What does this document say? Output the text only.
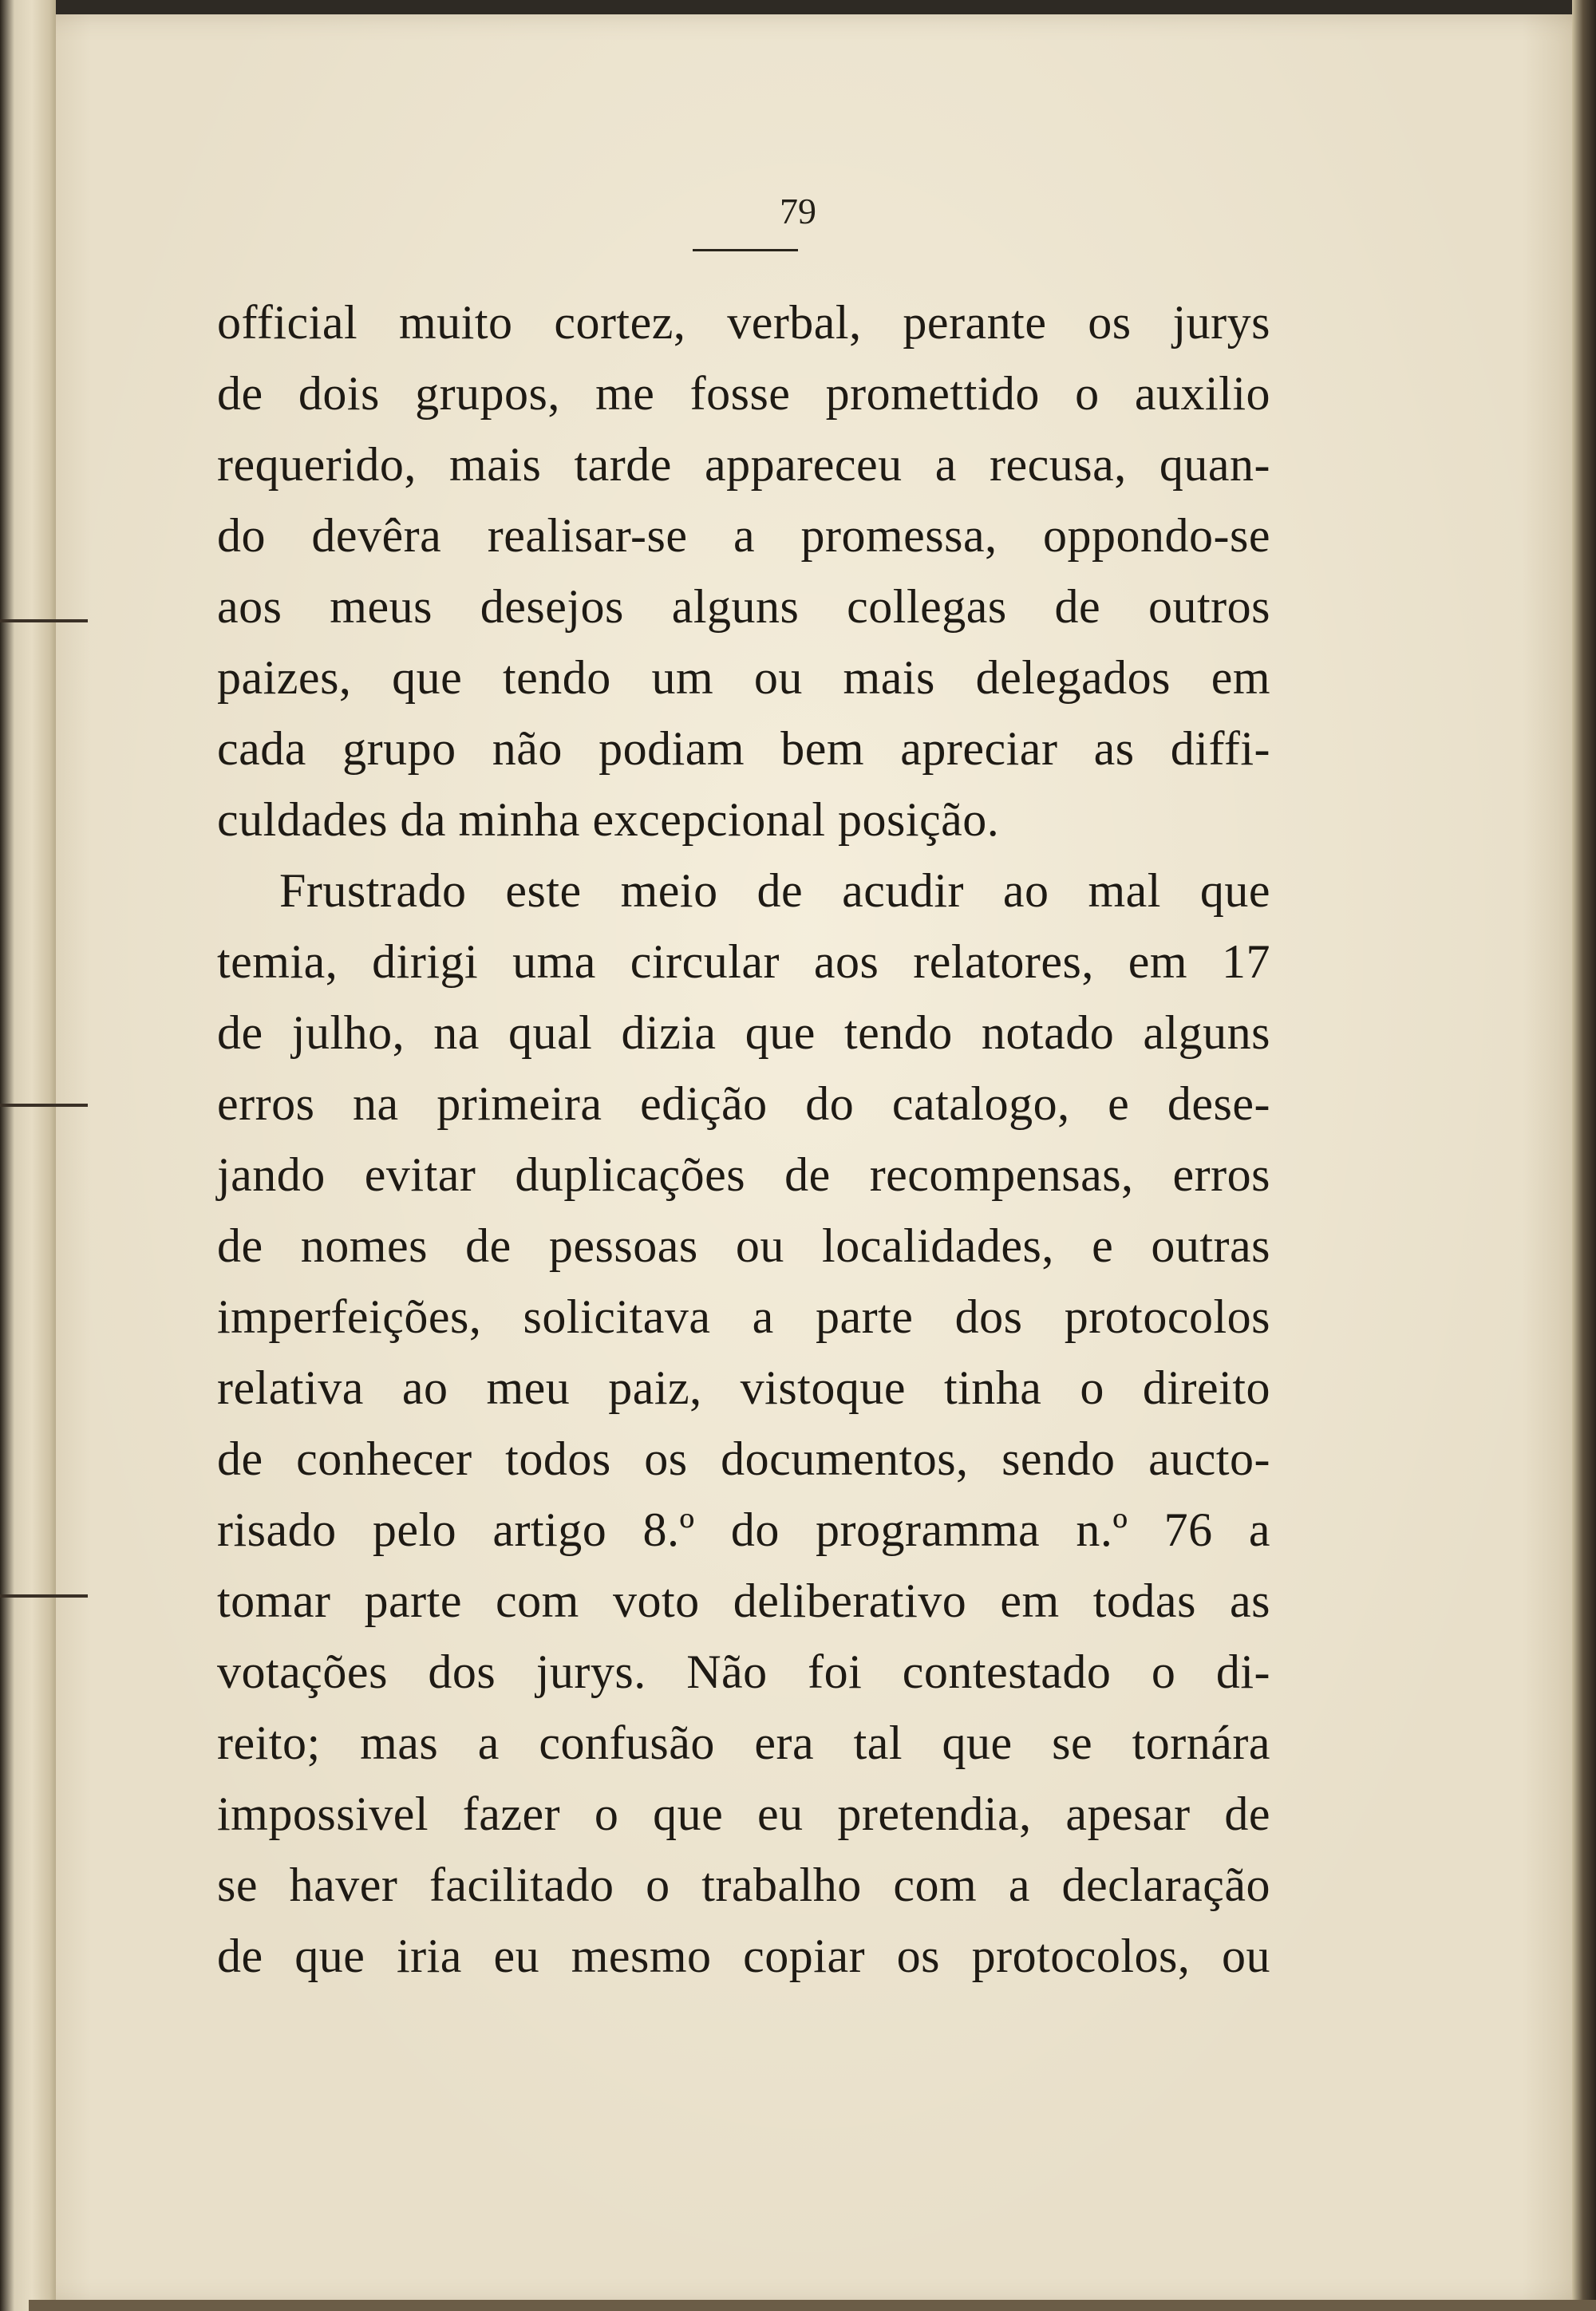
79
official muito cortez, verbal, perante os jurys
de dois grupos, me fosse promettido o auxilio
requerido, mais tarde appareceu a recusa, quan-
do devêra realisar-se a promessa, oppondo-se
aos meus desejos alguns collegas de outros
paizes, que tendo um ou mais delegados em
cada grupo não podiam bem apreciar as diffi-
culdades da minha excepcional posição.
Frustrado este meio de acudir ao mal que
temia, dirigi uma circular aos relatores, em 17
de julho, na qual dizia que tendo notado alguns
erros na primeira edição do catalogo, e dese-
jando evitar duplicações de recompensas, erros
de nomes de pessoas ou localidades, e outras
imperfeições, solicitava a parte dos protocolos
relativa ao meu paiz, vistoque tinha o direito
de conhecer todos os documentos, sendo aucto-
risado pelo artigo 8.º do programma n.º 76 a
tomar parte com voto deliberativo em todas as
votações dos jurys. Não foi contestado o di-
reito; mas a confusão era tal que se tornára
impossivel fazer o que eu pretendia, apesar de
se haver facilitado o trabalho com a declaração
de que iria eu mesmo copiar os protocolos, ou
